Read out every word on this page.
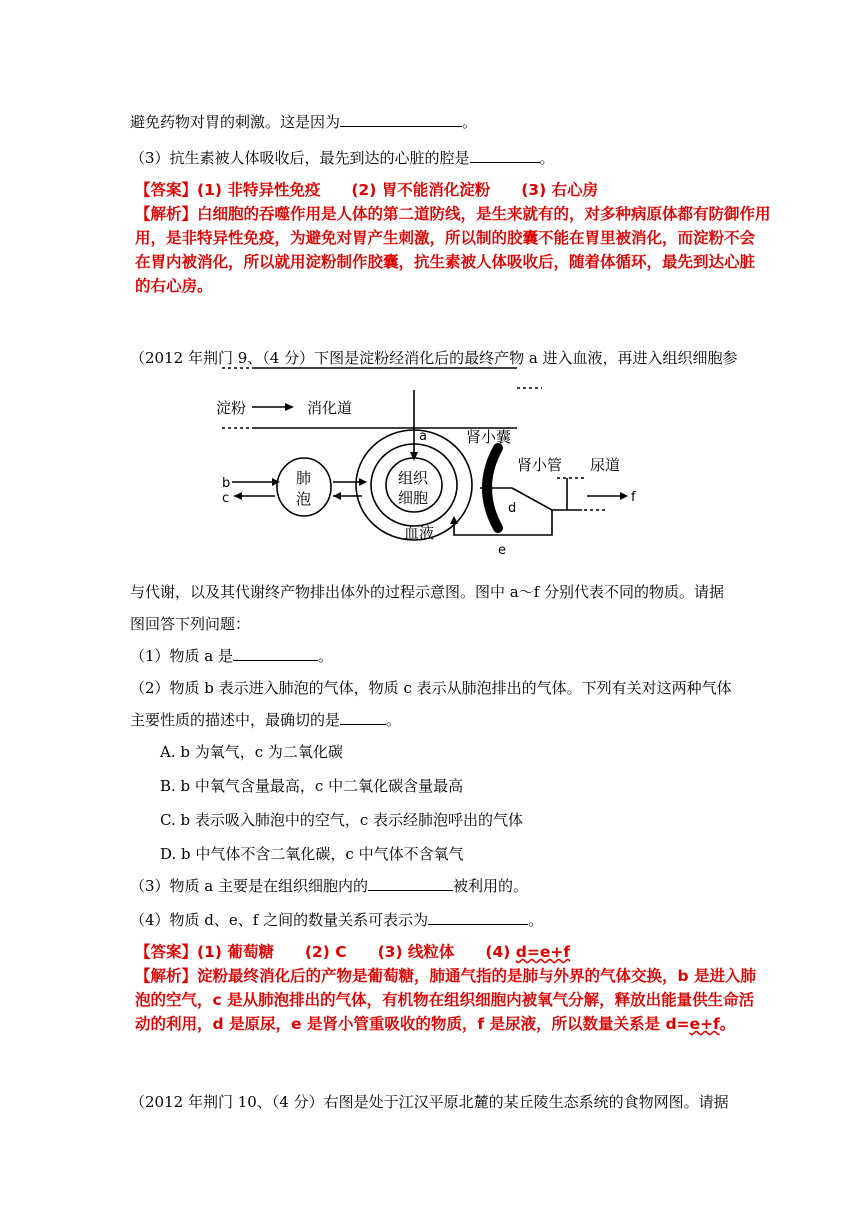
避免药物对胃的刺激。这是因为	。
（3）抗生素被人体吸收后，最先到达的心脏的腔是	。
【答案】(1) 非特异性免疫　　(2) 胃不能消化淀粉　　(3) 右心房
【解析】白细胞的吞噬作用是人体的第二道防线，是生来就有的，对多种病原体都有防御作用
用，是非特异性免疫，为避免对胃产生刺激，所以制的胶囊不能在胃里被消化，而淀粉不会
在胃内被消化，所以就用淀粉制作胶囊，抗生素被人体吸收后，随着体循环，最先到达心脏
的右心房。
（2012 年荆门 9、（4 分）下图是淀粉经消化后的最终产物 a 进入血液，再进入组织细胞参
淀粉	消化道
a	肾小囊
肾小管 尿道
b
c
肺
泡
组织
细胞
血液
d
e
f
与代谢，以及其代谢终产物排出体外的过程示意图。图中 a～f 分别代表不同的物质。请据
图回答下列问题：
（1）物质 a 是	。
（2）物质 b 表示进入肺泡的气体，物质 c 表示从肺泡排出的气体。下列有关对这两种气体
主要性质的描述中，最确切的是	。
A. b 为氧气，c 为二氧化碳
B. b 中氧气含量最高，c 中二氧化碳含量最高
C. b 表示吸入肺泡中的空气，c 表示经肺泡呼出的气体
D. b 中气体不含二氧化碳，c 中气体不含氧气
（3）物质 a 主要是在组织细胞内的	被利用的。
（4）物质 d、e、f 之间的数量关系可表示为	。
【答案】(1) 葡萄糖　　(2) C　　(3) 线粒体　　(4) d=e+f
【解析】淀粉最终消化后的产物是葡萄糖，肺通气指的是肺与外界的气体交换，b 是进入肺
泡的空气，c 是从肺泡排出的气体，有机物在组织细胞内被氧气分解，释放出能量供生命活
动的利用，d 是原尿，e 是肾小管重吸收的物质，f 是尿液，所以数量关系是 d=e+f。
（2012 年荆门 10、（4 分）右图是处于江汉平原北麓的某丘陵生态系统的食物网图。请据
